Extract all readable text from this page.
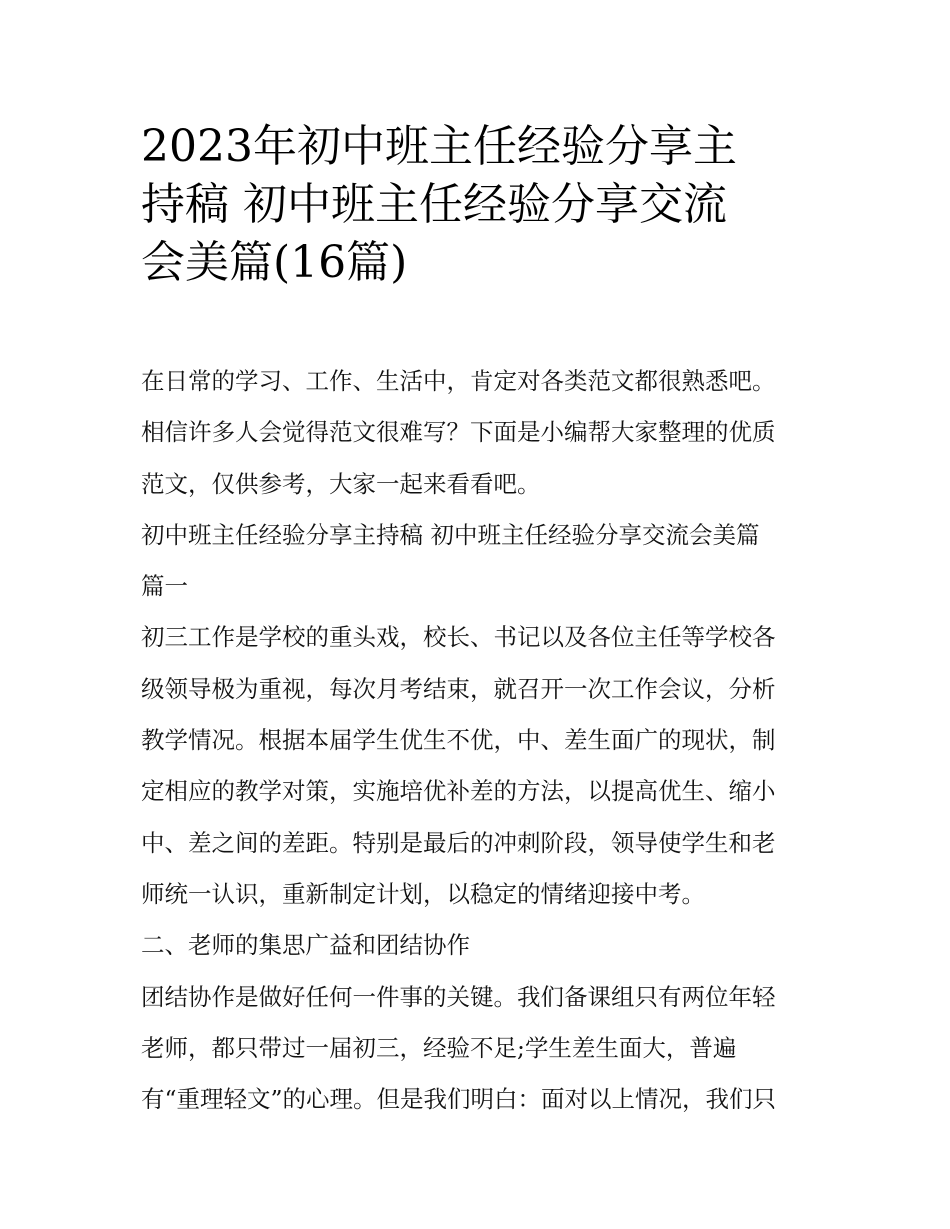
2023年初中班主任经验分享主
持稿 初中班主任经验分享交流
会美篇(16篇)
在日常的学习、工作、生活中，肯定对各类范文都很熟悉吧。
相信许多人会觉得范文很难写？下面是小编帮大家整理的优质
范文，仅供参考，大家一起来看看吧。
初中班主任经验分享主持稿 初中班主任经验分享交流会美篇
篇一
初三工作是学校的重头戏，校长、书记以及各位主任等学校各
级领导极为重视，每次月考结束，就召开一次工作会议，分析
教学情况。根据本届学生优生不优，中、差生面广的现状，制
定相应的教学对策，实施培优补差的方法，以提高优生、缩小
中、差之间的差距。特别是最后的冲刺阶段，领导使学生和老
师统一认识，重新制定计划，以稳定的情绪迎接中考。
二、老师的集思广益和团结协作
团结协作是做好任何一件事的关键。我们备课组只有两位年轻
老师，都只带过一届初三，经验不足;学生差生面大，普遍
有“重理轻文”的心理。但是我们明白：面对以上情况，我们只
